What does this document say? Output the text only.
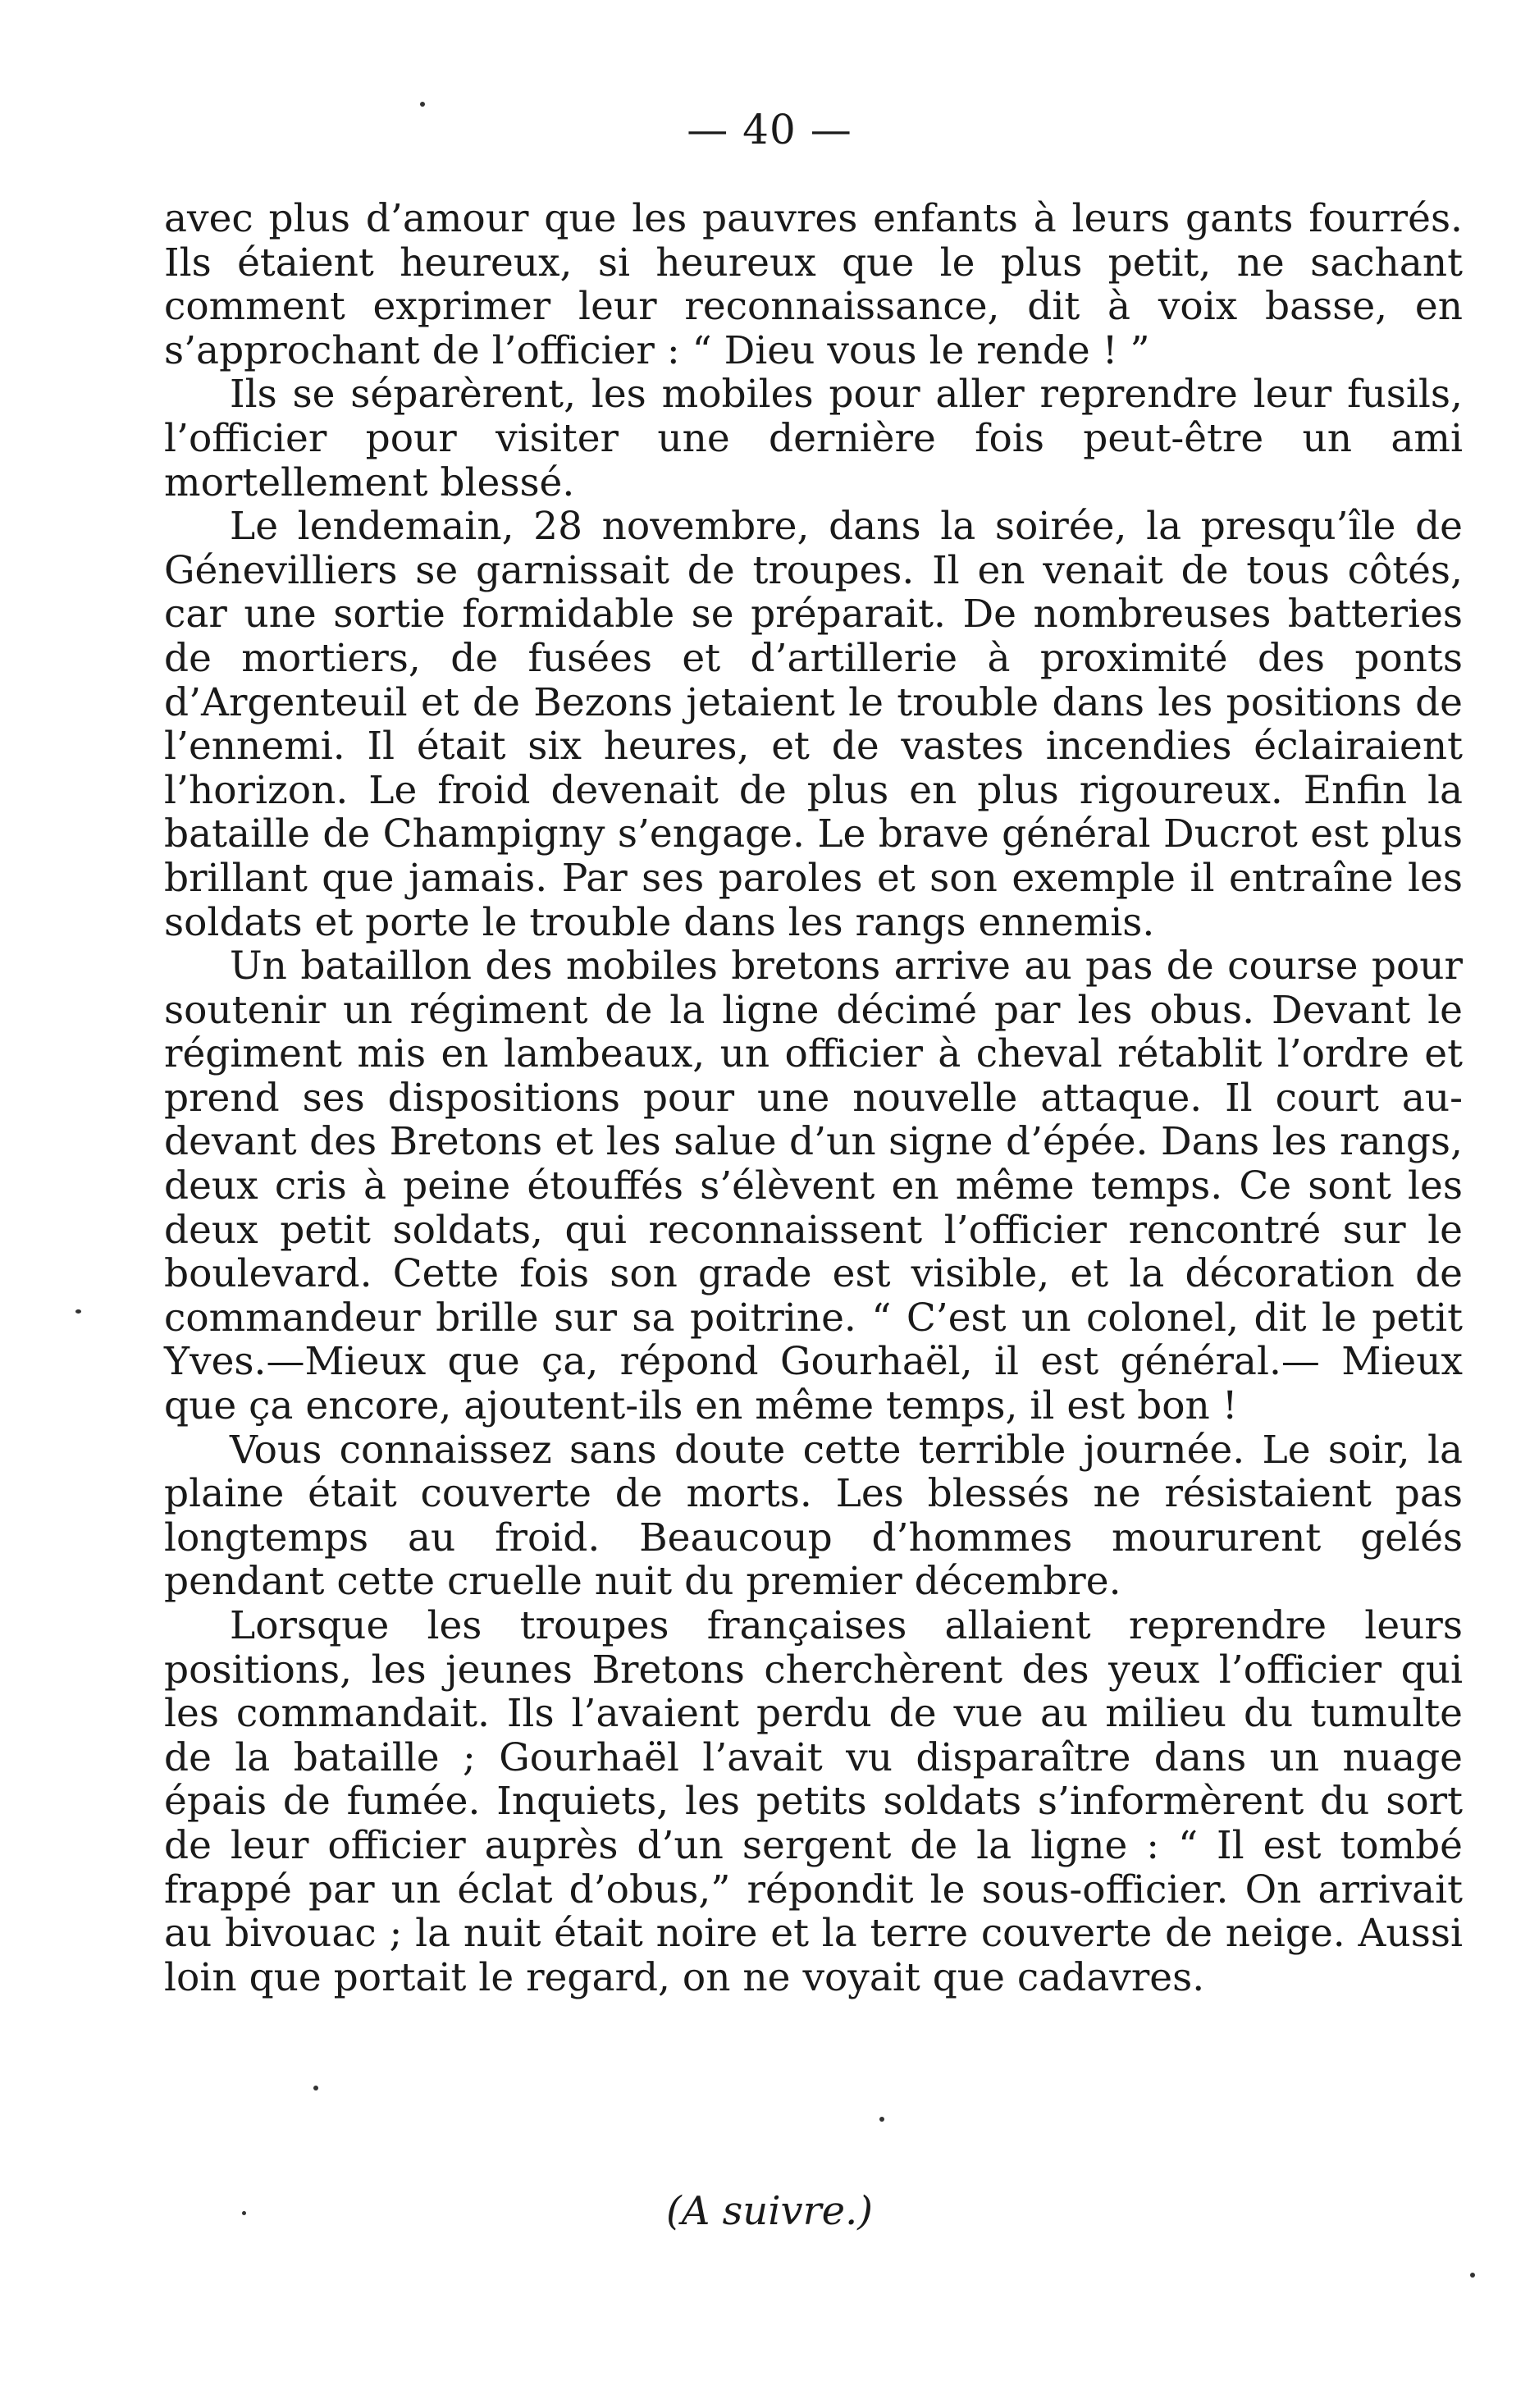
— 40 —

avec plus d’amour que les pauvres enfants à leurs gants fourrés. Ils étaient heureux, si heureux que le plus petit, ne sachant comment exprimer leur reconnaissance, dit à voix basse, en s’approchant de l’officier : “ Dieu vous le rende ! ”

Ils se séparèrent, les mobiles pour aller reprendre leur fusils, l’officier pour visiter une dernière fois peut-être un ami mortellement blessé.

Le lendemain, 28 novembre, dans la soirée, la presqu’île de Génevilliers se garnissait de troupes. Il en venait de tous côtés, car une sortie formidable se préparait. De nombreuses batteries de mortiers, de fusées et d’artillerie à proximité des ponts d’Argenteuil et de Bezons jetaient le trouble dans les positions de l’ennemi. Il était six heures, et de vastes incendies éclairaient l’horizon. Le froid devenait de plus en plus rigoureux. Enfin la bataille de Champigny s’engage. Le brave général Ducrot est plus brillant que jamais. Par ses paroles et son exemple il entraîne les soldats et porte le trouble dans les rangs ennemis.

Un bataillon des mobiles bretons arrive au pas de course pour soutenir un régiment de la ligne décimé par les obus. Devant le régiment mis en lambeaux, un officier à cheval rétablit l’ordre et prend ses dispositions pour une nouvelle attaque. Il court au-devant des Bretons et les salue d’un signe d’épée. Dans les rangs, deux cris à peine étouffés s’élèvent en même temps. Ce sont les deux petit soldats, qui reconnaissent l’officier rencontré sur le boulevard. Cette fois son grade est visible, et la décoration de commandeur brille sur sa poitrine. “ C’est un colonel, dit le petit Yves.—Mieux que ça, répond Gourhaël, il est général.— Mieux que ça encore, ajoutent-ils en même temps, il est bon !

Vous connaissez sans doute cette terrible journée. Le soir, la plaine était couverte de morts. Les blessés ne résistaient pas longtemps au froid. Beaucoup d’hommes moururent gelés pendant cette cruelle nuit du premier décembre.

Lorsque les troupes françaises allaient reprendre leurs positions, les jeunes Bretons cherchèrent des yeux l’officier qui les commandait. Ils l’avaient perdu de vue au milieu du tumulte de la bataille ; Gourhaël l’avait vu disparaître dans un nuage épais de fumée. Inquiets, les petits soldats s’informèrent du sort de leur officier auprès d’un sergent de la ligne : “ Il est tombé frappé par un éclat d’obus,” répondit le sous-officier. On arrivait au bivouac ; la nuit était noire et la terre couverte de neige. Aussi loin que portait le regard, on ne voyait que cadavres.

(A suivre.)
